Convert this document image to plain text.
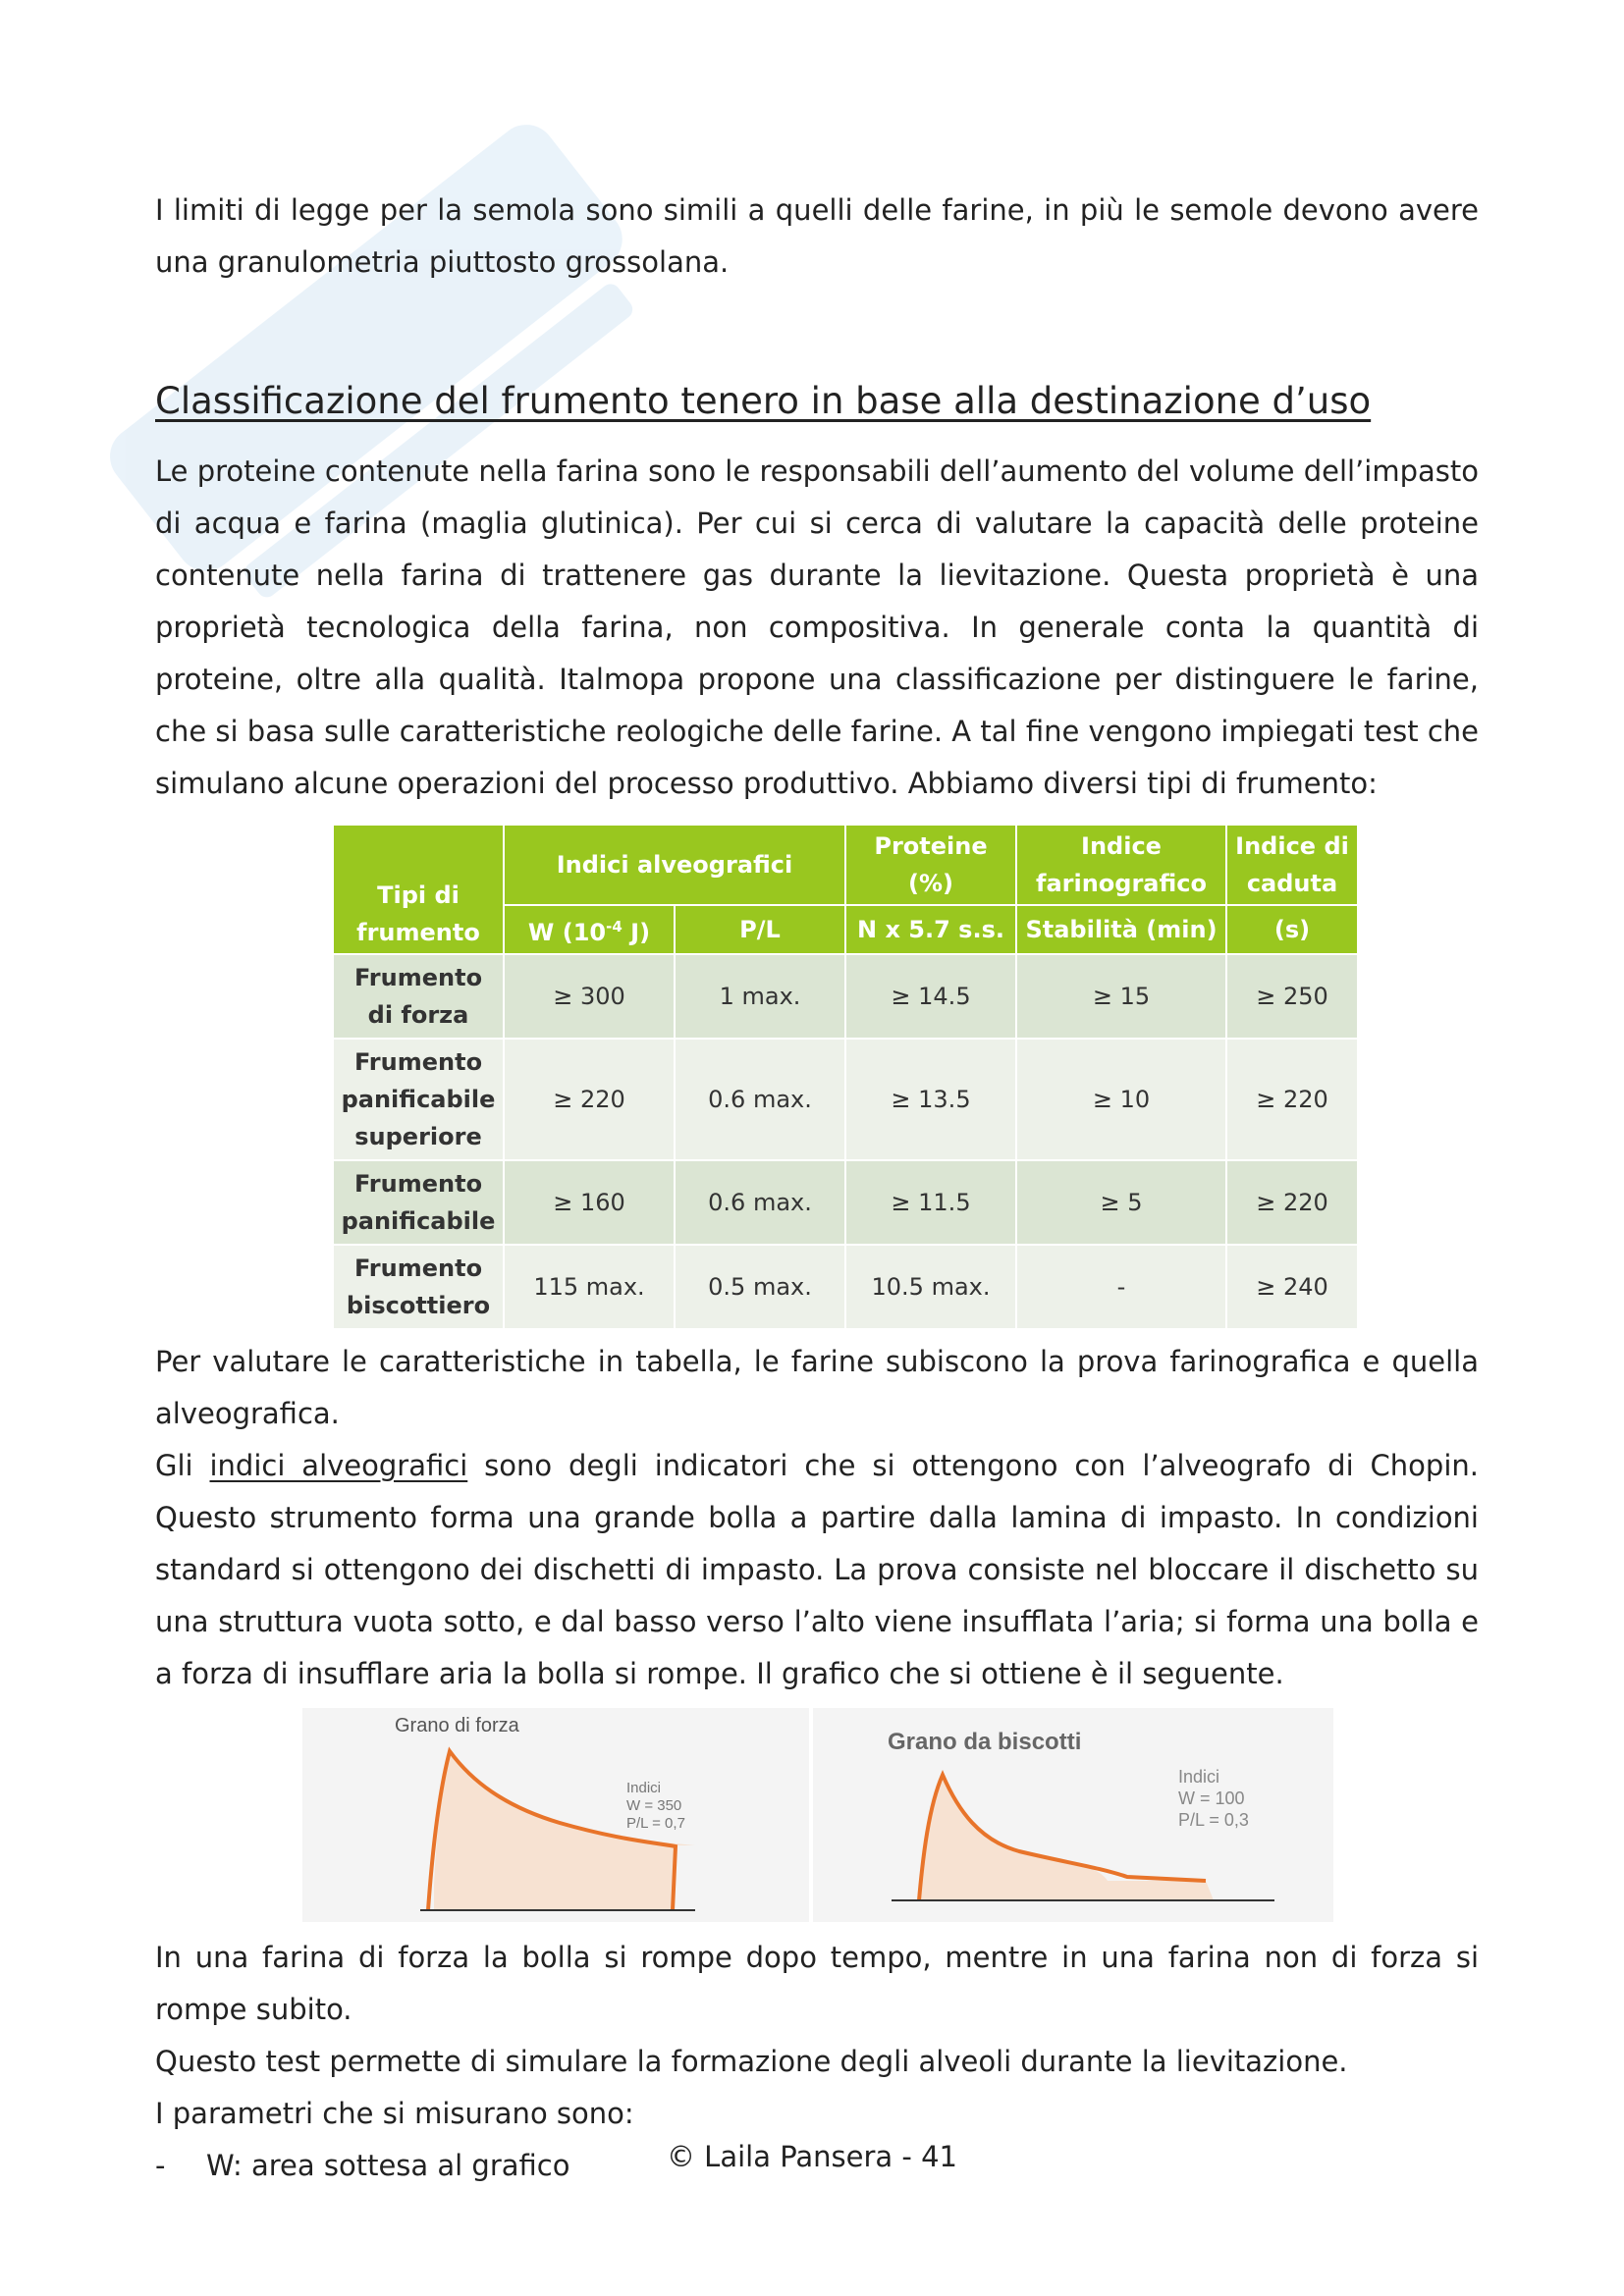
I limiti di legge per la semola sono simili a quelli delle farine, in più le semole devono avere una granulometria piuttosto grossolana.

Classificazione del frumento tenero in base alla destinazione d’uso

Le proteine contenute nella farina sono le responsabili dell’aumento del volume dell’impasto di acqua e farina (maglia glutinica). Per cui si cerca di valutare la capacità delle proteine contenute nella farina di trattenere gas durante la lievitazione. Questa proprietà è una proprietà tecnologica della farina, non compositiva. In generale conta la quantità di proteine, oltre alla qualità. Italmopa propone una classificazione per distinguere le farine, che si basa sulle caratteristiche reologiche delle farine. A tal fine vengono impiegati test che simulano alcune operazioni del processo produttivo. Abbiamo diversi tipi di frumento:

Tipi di frumento	Indici alveografici		Proteine (%)	Indice farinografico	Indice di caduta
	W ($10^{-4}$ J)	P/L	N x 5.7 s.s.	Stabilità (min)	(s)
Frumento di forza	≥ 300	1 max.	≥ 14.5	≥ 15	≥ 250
Frumento panificabile superiore	≥ 220	0.6 max.	≥ 13.5	≥ 10	≥ 220
Frumento panificabile	≥ 160	0.6 max.	≥ 11.5	≥ 5	≥ 220
Frumento biscottiero	115 max.	0.5 max.	10.5 max.	-	≥ 240

Per valutare le caratteristiche in tabella, le farine subiscono la prova farinografica e quella alveografica.

Gli indici alveografici sono degli indicatori che si ottengono con l’alveografo di Chopin. Questo strumento forma una grande bolla a partire dalla lamina di impasto. In condizioni standard si ottengono dei dischetti di impasto. La prova consiste nel bloccare il dischetto su una struttura vuota sotto, e dal basso verso l’alto viene insufflata l’aria; si forma una bolla e a forza di insufflare aria la bolla si rompe. Il grafico che si ottiene è il seguente.

Grano di forza
Indici
W = 350
P/L = 0,7
Grano da biscotti
Indici
W = 100
P/L = 0,3

In una farina di forza la bolla si rompe dopo tempo, mentre in una farina non di forza si rompe subito.

Questo test permette di simulare la formazione degli alveoli durante la lievitazione.

I parametri che si misurano sono:

-	W: area sottesa al grafico	© Laila Pansera - 41
